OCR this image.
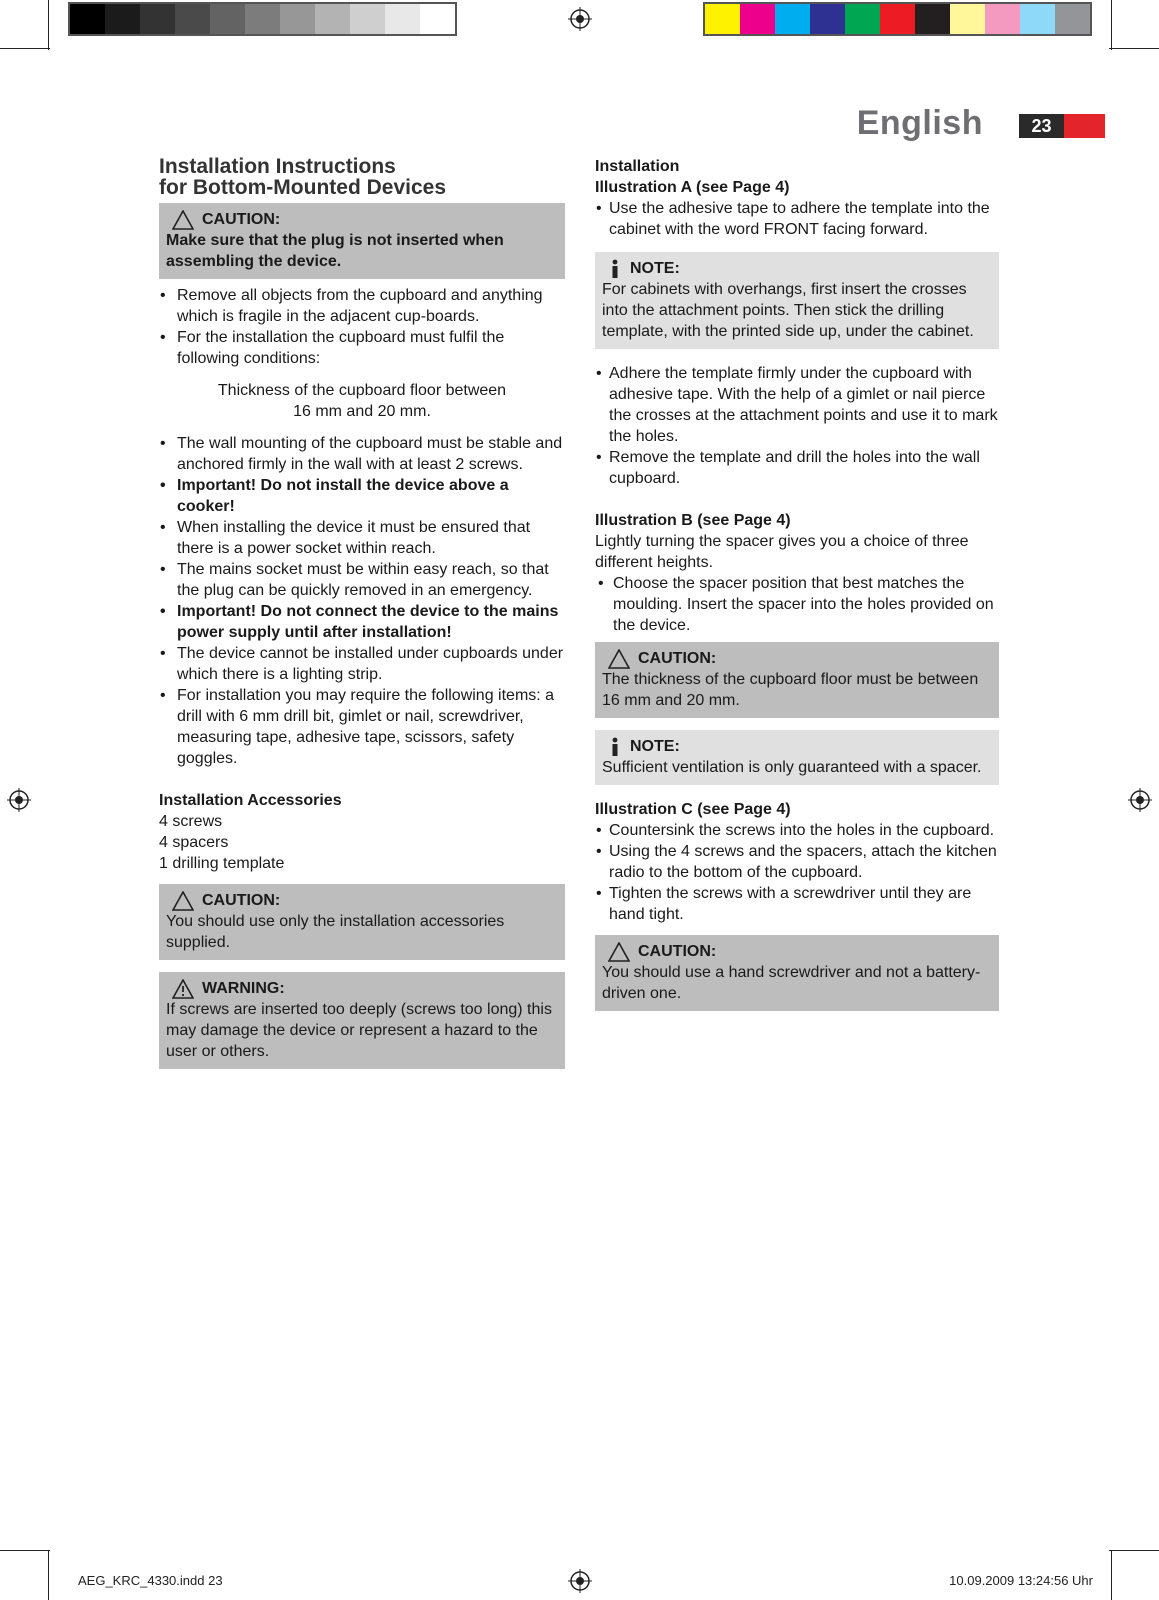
English	23
Installation Instructions
for Bottom-Mounted Devices
CAUTION:
Make sure that the plug is not inserted when assembling the device.
• Remove all objects from the cupboard and anything which is fragile in the adjacent cup-boards.
• For the installation the cupboard must fulfil the following conditions:
Thickness of the cupboard floor between
16 mm and 20 mm.
• The wall mounting of the cupboard must be stable and anchored firmly in the wall with at least 2 screws.
• Important! Do not install the device above a cooker!
• When installing the device it must be ensured that there is a power socket within reach.
• The mains socket must be within easy reach, so that the plug can be quickly removed in an emergency.
• Important! Do not connect the device to the mains power supply until after installation!
• The device cannot be installed under cupboards under which there is a lighting strip.
• For installation you may require the following items: a drill with 6 mm drill bit, gimlet or nail, screwdriver, measuring tape, adhesive tape, scissors, safety goggles.
Installation Accessories
4 screws
4 spacers
1 drilling template
CAUTION:
You should use only the installation accessories supplied.
WARNING:
If screws are inserted too deeply (screws too long) this may damage the device or represent a hazard to the user or others.
Installation
Illustration A (see Page 4)
• Use the adhesive tape to adhere the template into the cabinet with the word FRONT facing forward.
NOTE:
For cabinets with overhangs, first insert the crosses into the attachment points. Then stick the drilling template, with the printed side up, under the cabinet.
• Adhere the template firmly under the cupboard with adhesive tape. With the help of a gimlet or nail pierce the crosses at the attachment points and use it to mark the holes.
• Remove the template and drill the holes into the wall cupboard.
Illustration B (see Page 4)

Lightly turning the spacer gives you a choice of three different heights.

• Choose the spacer position that best matches the moulding. Insert the spacer into the holes provided on the device.
CAUTION:
The thickness of the cupboard floor must be between 16 mm and 20 mm.
NOTE:
Sufficient ventilation is only guaranteed with a spacer.
Illustration C (see Page 4)
• Countersink the screws into the holes in the cupboard.
• Using the 4 screws and the spacers, attach the kitchen radio to the bottom of the cupboard.
• Tighten the screws with a screwdriver until they are hand tight.
CAUTION:
You should use a hand screwdriver and not a battery-driven one.
AEG_KRC_4330.indd 23	10.09.2009 13:24:56 Uhr
